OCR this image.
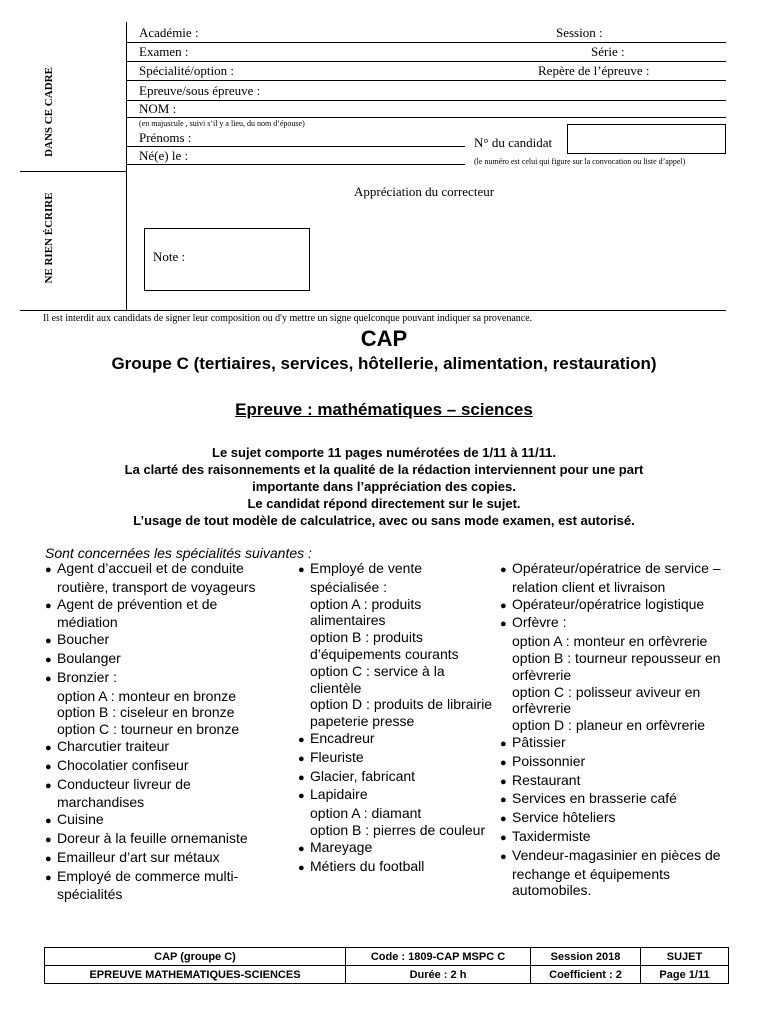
DANS CE CADRE
NE RIEN ÉCRIRE
Académie :	Session :
Examen :	Série :
Spécialité/option :	Repère de l’épreuve :
Epreuve/sous épreuve :
NOM :
(en majuscule , suivi s’il y a lieu, du nom d’épouse)
Prénoms :
Né(e) le :
N° du candidat
(le numéro est celui qui figure sur la convocation ou liste d’appel)
Appréciation du correcteur
Note :
Il est interdit aux candidats de signer leur composition ou d'y mettre un signe quelconque pouvant indiquer sa provenance.
CAP
Groupe C (tertiaires, services, hôtellerie, alimentation, restauration)
Epreuve : mathématiques – sciences
Le sujet comporte 11 pages numérotées de 1/11 à 11/11.
La clarté des raisonnements et la qualité de la rédaction interviennent pour une part
importante dans l’appréciation des copies.
Le candidat répond directement sur le sujet.
L’usage de tout modèle de calculatrice, avec ou sans mode examen, est autorisé.
Sont concernées les spécialités suivantes :
● Agent d’accueil et de conduite routière, transport de voyageurs
● Agent de prévention et de médiation
● Boucher
● Boulanger
● Bronzier :
option A : monteur en bronze
option B : ciseleur en bronze
option C : tourneur en bronze
● Charcutier traiteur
● Chocolatier confiseur
● Conducteur livreur de marchandises
● Cuisine
● Doreur à la feuille ornemaniste
● Emailleur d’art sur métaux
● Employé de commerce multi-spécialités
● Employé de vente spécialisée :
option A : produits alimentaires
option B : produits d’équipements courants
option C : service à la clientèle
option D : produits de librairie papeterie presse
● Encadreur
● Fleuriste
● Glacier, fabricant
● Lapidaire
option A : diamant
option B : pierres de couleur
● Mareyage
● Métiers du football
● Opérateur/opératrice de service – relation client et livraison
● Opérateur/opératrice logistique
● Orfèvre :
option A : monteur en orfèvrerie
option B : tourneur repousseur en orfèvrerie
option C : polisseur aviveur en orfèvrerie
option D : planeur en orfèvrerie
● Pâtissier
● Poissonnier
● Restaurant
● Services en brasserie café
● Service hôteliers
● Taxidermiste
● Vendeur-magasinier en pièces de rechange et équipements automobiles.
CAP (groupe C)	Code : 1809-CAP MSPC C	Session 2018	SUJET
EPREUVE MATHEMATIQUES-SCIENCES	Durée : 2 h	Coefficient : 2	Page 1/11
